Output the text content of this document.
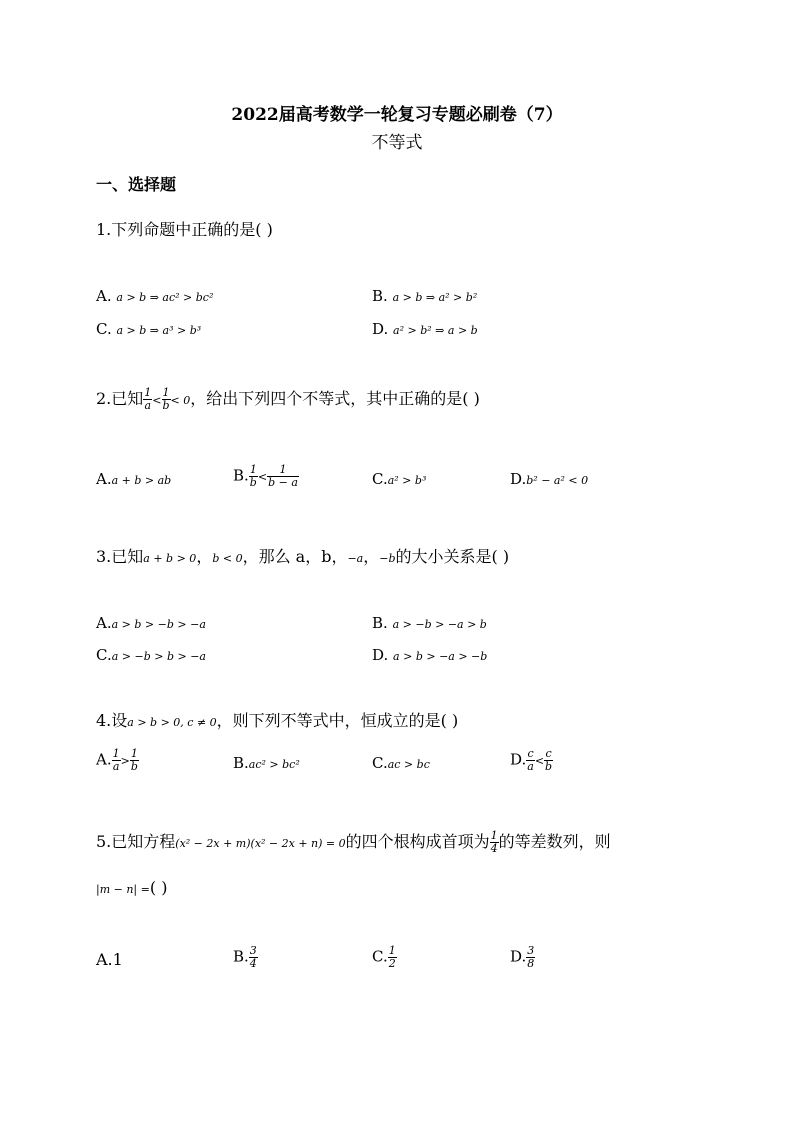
2022届高考数学一轮复习专题必刷卷（7）
不等式
一、选择题
1.下列命题中正确的是( )
A. a > b ⇒ ac² > bc²	B. a > b ⇒ a² > b²
C. a > b ⇒ a³ > b³	D. a² > b² ⇒ a > b
2.已知 $\frac{1}{a} < \frac{1}{b} < 0$，给出下列四个不等式，其中正确的是( )
A.a + b > ab	B. $\frac{1}{b} < \frac{1}{b - a}$	C.a² > b³	D.b² − a² < 0
3.已知a + b > 0，b < 0，那么 a，b，−a，−b的大小关系是( )
A.a > b > −b > −a	B. a > −b > −a > b
C.a > −b > b > −a	D. a > b > −a > −b
4.设a > b > 0, c ≠ 0，则下列不等式中，恒成立的是( )
A. $\frac{1}{a} > \frac{1}{b}$	B.ac² > bc²	C.ac > bc	D. $\frac{c}{a} < \frac{c}{b}$
5.已知方程(x² − 2x + m)(x² − 2x + n) = 0的四个根构成首项为 $\frac{1}{4}$ 的等差数列，则
|m − n| =( )
A.1	B. $\frac{3}{4}$	C. $\frac{1}{2}$	D. $\frac{3}{8}$
